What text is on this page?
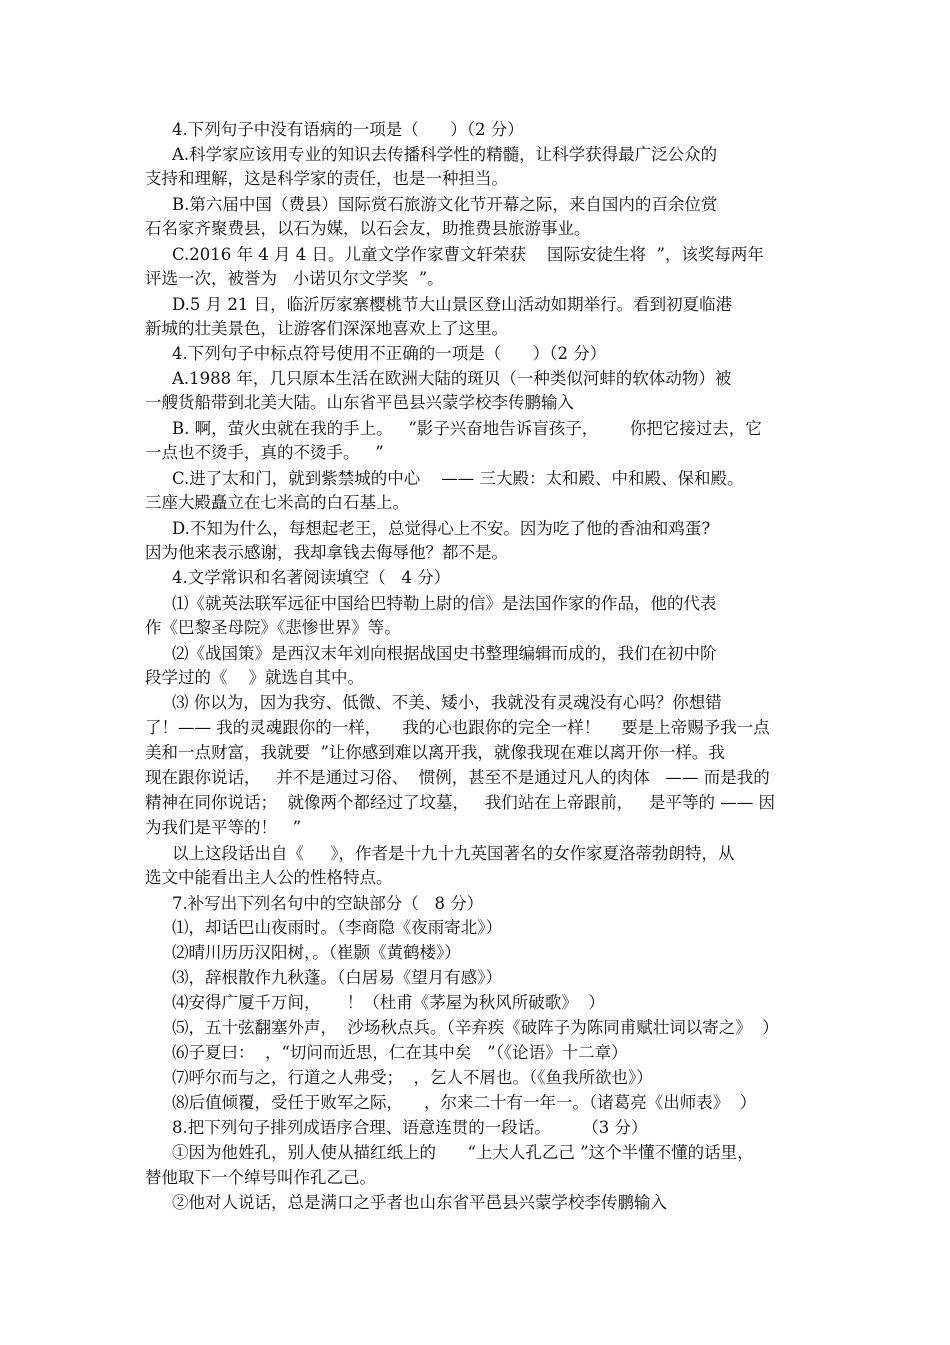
4.下列句子中没有语病的一项是（      ）（2 分）
A.科学家应该用专业的知识去传播科学性的精髓，让科学获得最广泛公众的
支持和理解，这是科学家的责任，也是一种担当。
B.第六届中国（费县）国际赏石旅游文化节开幕之际，来自国内的百余位赏
石名家齐聚费县，以石为媒，以石会友，助推费县旅游事业。
C.2016 年 4 月 4 日。儿童文学作家曹文轩荣获    国际安徒生将  ”，该奖每两年
评选一次，被誉为   小诺贝尔文学奖  ”。
D.5 月 21 日，临沂厉家寨樱桃节大山景区登山活动如期举行。看到初夏临港
新城的壮美景色，让游客们深深地喜欢上了这里。
4.下列句子中标点符号使用不正确的一项是（      ）（2 分）
A.1988 年，几只原本生活在欧洲大陆的斑贝（一种类似河蚌的软体动物）被
一艘货船带到北美大陆。山东省平邑县兴蒙学校李传鹏输入
B. 啊，萤火虫就在我的手上。   ”影子兴奋地告诉盲孩子，      你把它接过去，它
一点也不烫手，真的不烫手。   ”
C.进了太和门，就到紫禁城的中心    —— 三大殿：太和殿、中和殿、保和殿。
三座大殿矗立在七米高的白石基上。
D.不知为什么，每想起老王，总觉得心上不安。因为吃了他的香油和鸡蛋?
因为他来表示感谢，我却拿钱去侮辱他？都不是。
4.文学常识和名著阅读填空（   4 分）
⑴《就英法联军远征中国给巴特勒上尉的信》是法国作家的作品，他的代表
作《巴黎圣母院》《悲惨世界》等。
⑵《战国策》是西汉末年刘向根据战国史书整理编辑而成的，我们在初中阶
段学过的《    》就选自其中。
⑶ 你以为，因为我穷、低微、不美、矮小，我就没有灵魂没有心吗？你想错
了！—— 我的灵魂跟你的一样，    我的心也跟你的完全一样！    要是上帝赐予我一点
美和一点财富，我就要  ”让你感到难以离开我，就像我现在难以离开你一样。我
现在跟你说话，   并不是通过习俗、  惯例，甚至不是通过凡人的肉体   —— 而是我的
精神在同你说话；  就像两个都经过了坟墓，   我们站在上帝跟前，   是平等的 —— 因
为我们是平等的！   ”
以上这段话出自《     》，作者是十九十九英国著名的女作家夏洛蒂勃朗特，从
选文中能看出主人公的性格特点。
7.补写出下列名句中的空缺部分（   8 分）
⑴，却话巴山夜雨时。（李商隐《夜雨寄北》）
⑵晴川历历汉阳树，。（崔颢《黄鹤楼》）
⑶，辞根散作九秋蓬。（白居易《望月有感》）
⑷安得广厦千万间，     ！（杜甫《茅屋为秋风所破歌》  ）
⑸，五十弦翻塞外声，  沙场秋点兵。（辛弃疾《破阵子为陈同甫赋壮词以寄之》  ）
⑹子夏曰：  ，“切问而近思，仁在其中矣   ”（《论语》十二章）
⑺呼尔而与之，行道之人弗受；  ，乞人不屑也。（《鱼我所欲也》）
⑻后值倾覆，受任于败军之际，    ，尔来二十有一年一。（诸葛亮《出师表》  ）
8.把下列句子排列成语序合理、语意连贯的一段话。      （3 分）
①因为他姓孔，别人使从描红纸上的      “上大人孔乙己 ”这个半懂不懂的话里，
替他取下一个绰号叫作孔乙己。
②他对人说话，总是满口之乎者也山东省平邑县兴蒙学校李传鹏输入
